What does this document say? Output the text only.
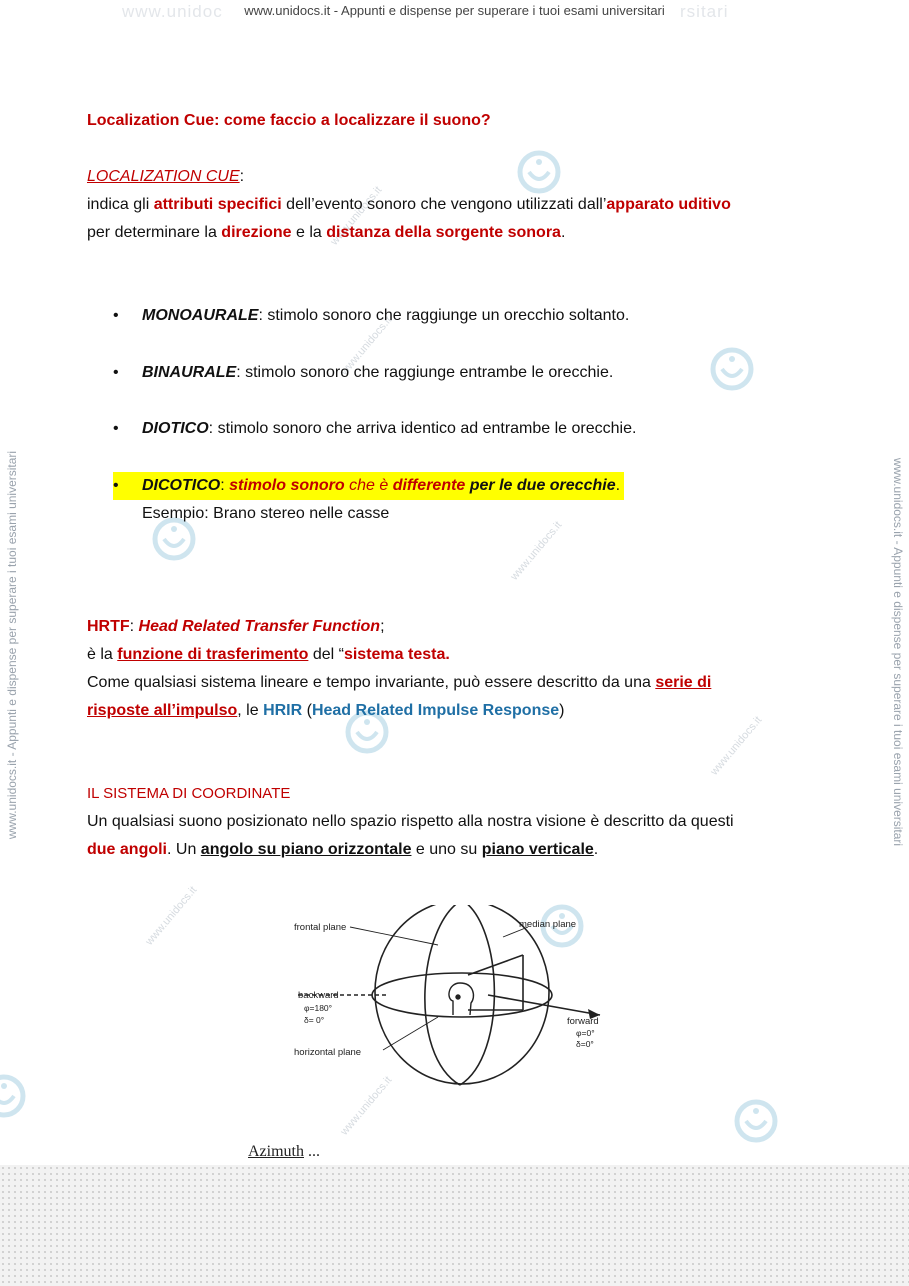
www.unidoc	rsitari
www.unidocs.it - Appunti e dispense per superare i tuoi esami universitari
www.unidocs.it
www.unidocs.it
www.unidocs.it
www.unidocs.it
www.unidocs.it
www.unidocs.it
www.unidocs.it - Appunti e dispense per superare i tuoi esami universitari	www.unidocs.it - Appunti e dispense per superare i tuoi esami universitari
Localization Cue: come faccio a localizzare il suono?
LOCALIZATION CUE:
indica gli attributi specifici dell’evento sonoro che vengono utilizzati dall’apparato uditivo
per determinare la direzione e la distanza della sorgente sonora.
• MONOAURALE: stimolo sonoro che raggiunge un orecchio soltanto.
• BINAURALE: stimolo sonoro che raggiunge entrambe le orecchie.
• DIOTICO: stimolo sonoro che arriva identico ad entrambe le orecchie.
• DICOTICO: stimolo sonoro che è differente per le due orecchie.
Esempio: Brano stereo nelle casse
HRTF: Head Related Transfer Function;
è la funzione di trasferimento del “sistema testa.
Come qualsiasi sistema lineare e tempo invariante, può essere descritto da una serie di
risposte all’impulso, le HRIR (Head Related Impulse Response)
IL SISTEMA DI COORDINATE
Un qualsiasi suono posizionato nello spazio rispetto alla nostra visione è descritto da questi
due angoli. Un angolo su piano orizzontale e uno su piano verticale.
frontal plane	median plane
backward
φ=180°
δ= 0°
horizontal plane
forward
φ=0°
δ=0°
Azimuth ...
